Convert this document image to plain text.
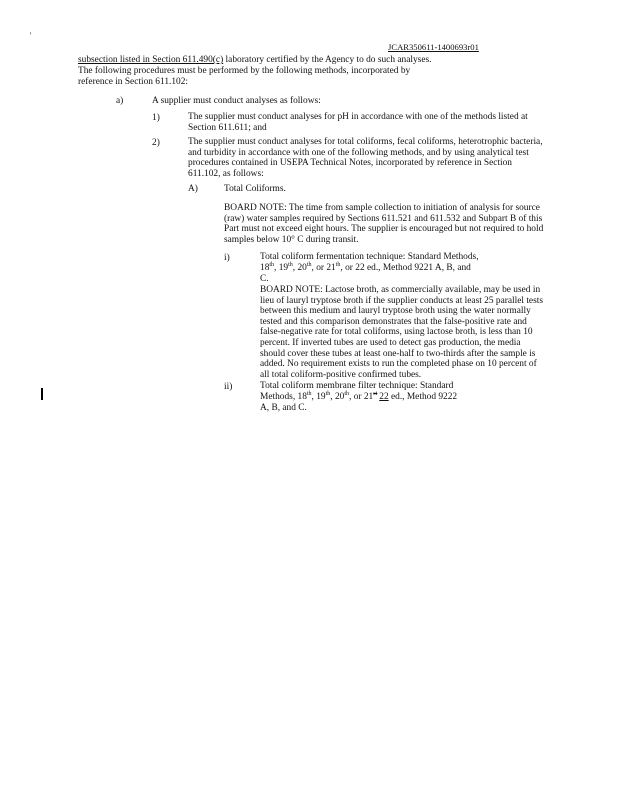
'
JCAR350611-1400693r01
subsection listed in Section 611.490(c) laboratory certified by the Agency to do such analyses.
The following procedures must be performed by the following methods, incorporated by
reference in Section 611.102:
a)	A supplier must conduct analyses as follows:
1)	The supplier must conduct analyses for pH in accordance with one of the methods listed at Section 611.611; and
2)	The supplier must conduct analyses for total coliforms, fecal coliforms, heterotrophic bacteria, and turbidity in accordance with one of the following methods, and by using analytical test procedures contained in USEPA Technical Notes, incorporated by reference in Section 611.102, as follows:
A)	Total Coliforms.
BOARD NOTE: The time from sample collection to initiation of analysis for source (raw) water samples required by Sections 611.521 and 611.532 and Subpart B of this Part must not exceed eight hours. The supplier is encouraged but not required to hold samples below 10° C during transit.
i)	Total coliform fermentation technique: Standard Methods,
18th, 19th, 20th, or 21th, or 22 ed., Method 9221 A, B, and
C.
BOARD NOTE: Lactose broth, as commercially available, may be used in lieu of lauryl tryptose broth if the supplier conducts at least 25 parallel tests between this medium and lauryl tryptose broth using the water normally tested and this comparison demonstrates that the false-positive rate and false-negative rate for total coliforms, using lactose broth, is less than 10 percent. If inverted tubes are used to detect gas production, the media should cover these tubes at least one-half to two-thirds after the sample is added. No requirement exists to run the completed phase on 10 percent of all total coliform-positive confirmed tubes.
ii)	Total coliform membrane filter technique: Standard
Methods, 18th, 19th, 20th, or 21st 22 ed., Method 9222
A, B, and C.
